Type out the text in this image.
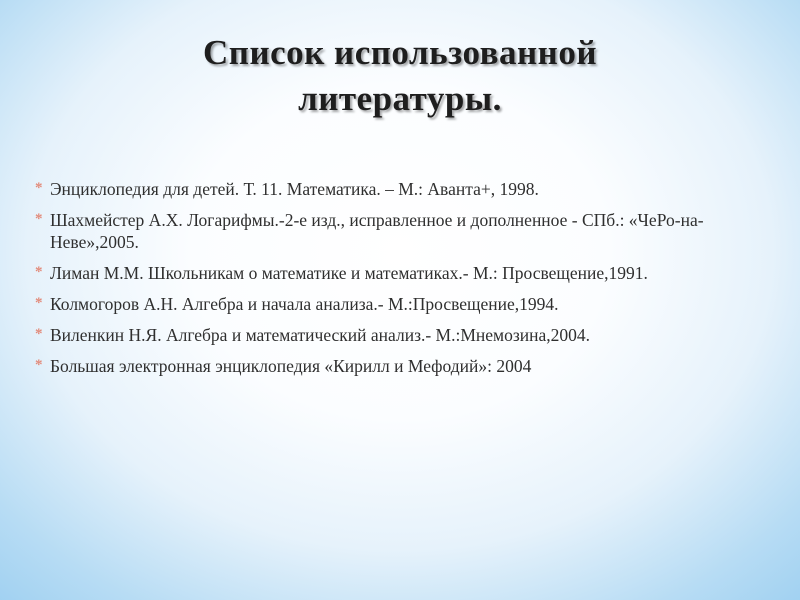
Список использованной
литературы.
* Энциклопедия для детей. Т. 11. Математика. – М.: Аванта+, 1998.
* Шахмейстер А.Х. Логарифмы.-2-е изд., исправленное и дополненное - СПб.: «ЧеРо-на-Неве»,2005.
* Лиман М.М. Школьникам о математике и математиках.- М.: Просвещение,1991.
* Колмогоров А.Н. Алгебра и начала анализа.- М.:Просвещение,1994.
* Виленкин Н.Я. Алгебра и математический анализ.- М.:Мнемозина,2004.
* Большая электронная энциклопедия «Кирилл и Мефодий»: 2004
